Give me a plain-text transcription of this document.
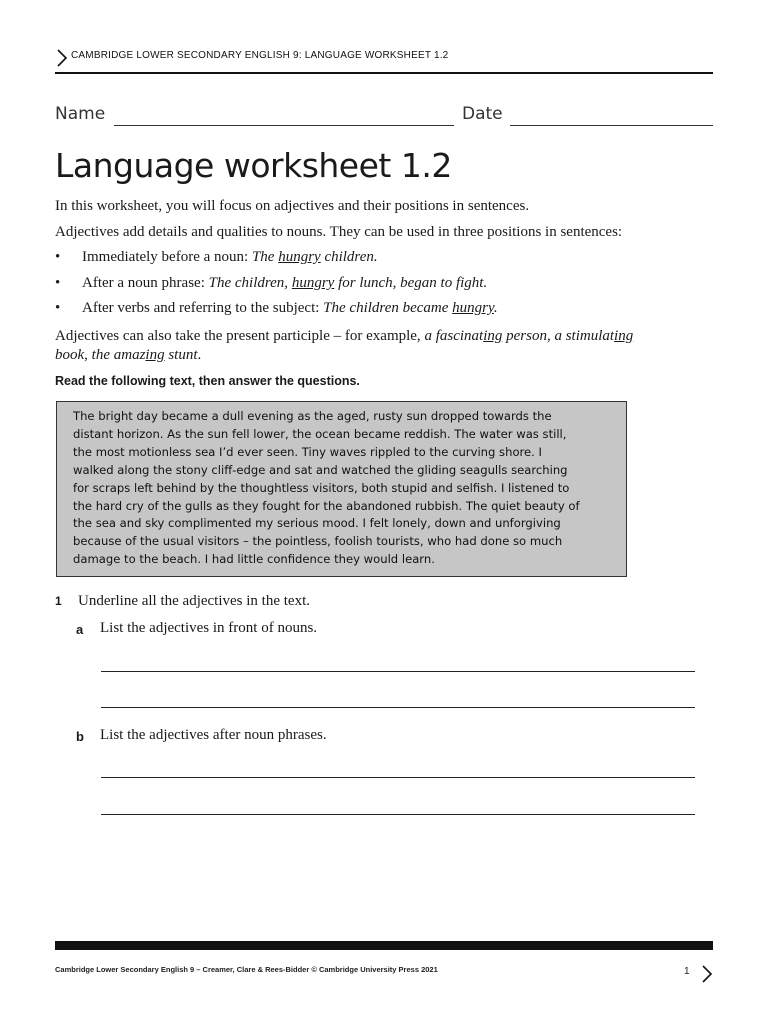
CAMBRIDGE LOWER SECONDARY ENGLISH 9: LANGUAGE WORKSHEET 1.2
Name	Date
Language worksheet 1.2

In this worksheet, you will focus on adjectives and their positions in sentences.

Adjectives add details and qualities to nouns. They can be used in three positions in sentences:

• Immediately before a noun: The hungry children.
• After a noun phrase: The children, hungry for lunch, began to fight.
• After verbs and referring to the subject: The children became hungry.

Adjectives can also take the present participle – for example, a fascinating person, a stimulating
book, the amazing stunt.

Read the following text, then answer the questions.
The bright day became a dull evening as the aged, rusty sun dropped towards the
distant horizon. As the sun fell lower, the ocean became reddish. The water was still,
the most motionless sea I’d ever seen. Tiny waves rippled to the curving shore. I
walked along the stony cliff-edge and sat and watched the gliding seagulls searching
for scraps left behind by the thoughtless visitors, both stupid and selfish. I listened to
the hard cry of the gulls as they fought for the abandoned rubbish. The quiet beauty of
the sea and sky complimented my serious mood. I felt lonely, down and unforgiving
because of the usual visitors – the pointless, foolish tourists, who had done so much
damage to the beach. I had little confidence they would learn.
1 Underline all the adjectives in the text.
a List the adjectives in front of nouns.
b List the adjectives after noun phrases.
Cambridge Lower Secondary English 9 – Creamer, Clare & Rees-Bidder © Cambridge University Press 2021	1
